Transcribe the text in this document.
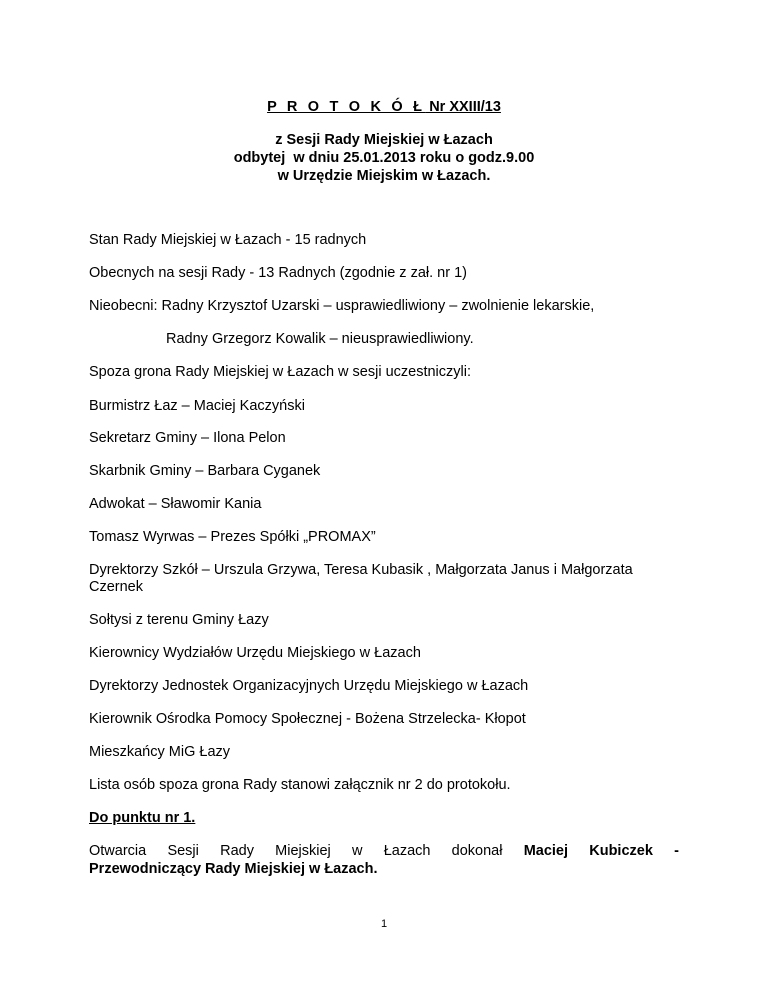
P R O T O K Ó Ł Nr XXIII/13
z Sesji Rady Miejskiej w Łazach
odbytej  w dniu 25.01.2013 roku o godz.9.00
w Urzędzie Miejskim w Łazach.
Stan Rady Miejskiej w Łazach - 15 radnych
Obecnych na sesji Rady - 13 Radnych (zgodnie z zał. nr 1)
Nieobecni: Radny Krzysztof Uzarski – usprawiedliwiony – zwolnienie lekarskie,
Radny Grzegorz Kowalik – nieusprawiedliwiony.
Spoza grona Rady Miejskiej w Łazach w sesji uczestniczyli:
Burmistrz Łaz – Maciej Kaczyński
Sekretarz Gminy – Ilona Pelon
Skarbnik Gminy – Barbara Cyganek
Adwokat – Sławomir Kania
Tomasz Wyrwas – Prezes Spółki „PROMAX”
Dyrektorzy Szkół – Urszula Grzywa, Teresa Kubasik , Małgorzata Janus i Małgorzata
Czernek
Sołtysi z terenu Gminy Łazy
Kierownicy Wydziałów Urzędu Miejskiego w Łazach
Dyrektorzy Jednostek Organizacyjnych Urzędu Miejskiego w Łazach
Kierownik Ośrodka Pomocy Społecznej - Bożena Strzelecka- Kłopot
Mieszkańcy MiG Łazy
Lista osób spoza grona Rady stanowi załącznik nr 2 do protokołu.
Do punktu nr 1.
Otwarcia Sesji Rady Miejskiej w Łazach dokonał Maciej Kubiczek -
Przewodniczący Rady Miejskiej w Łazach.
1
